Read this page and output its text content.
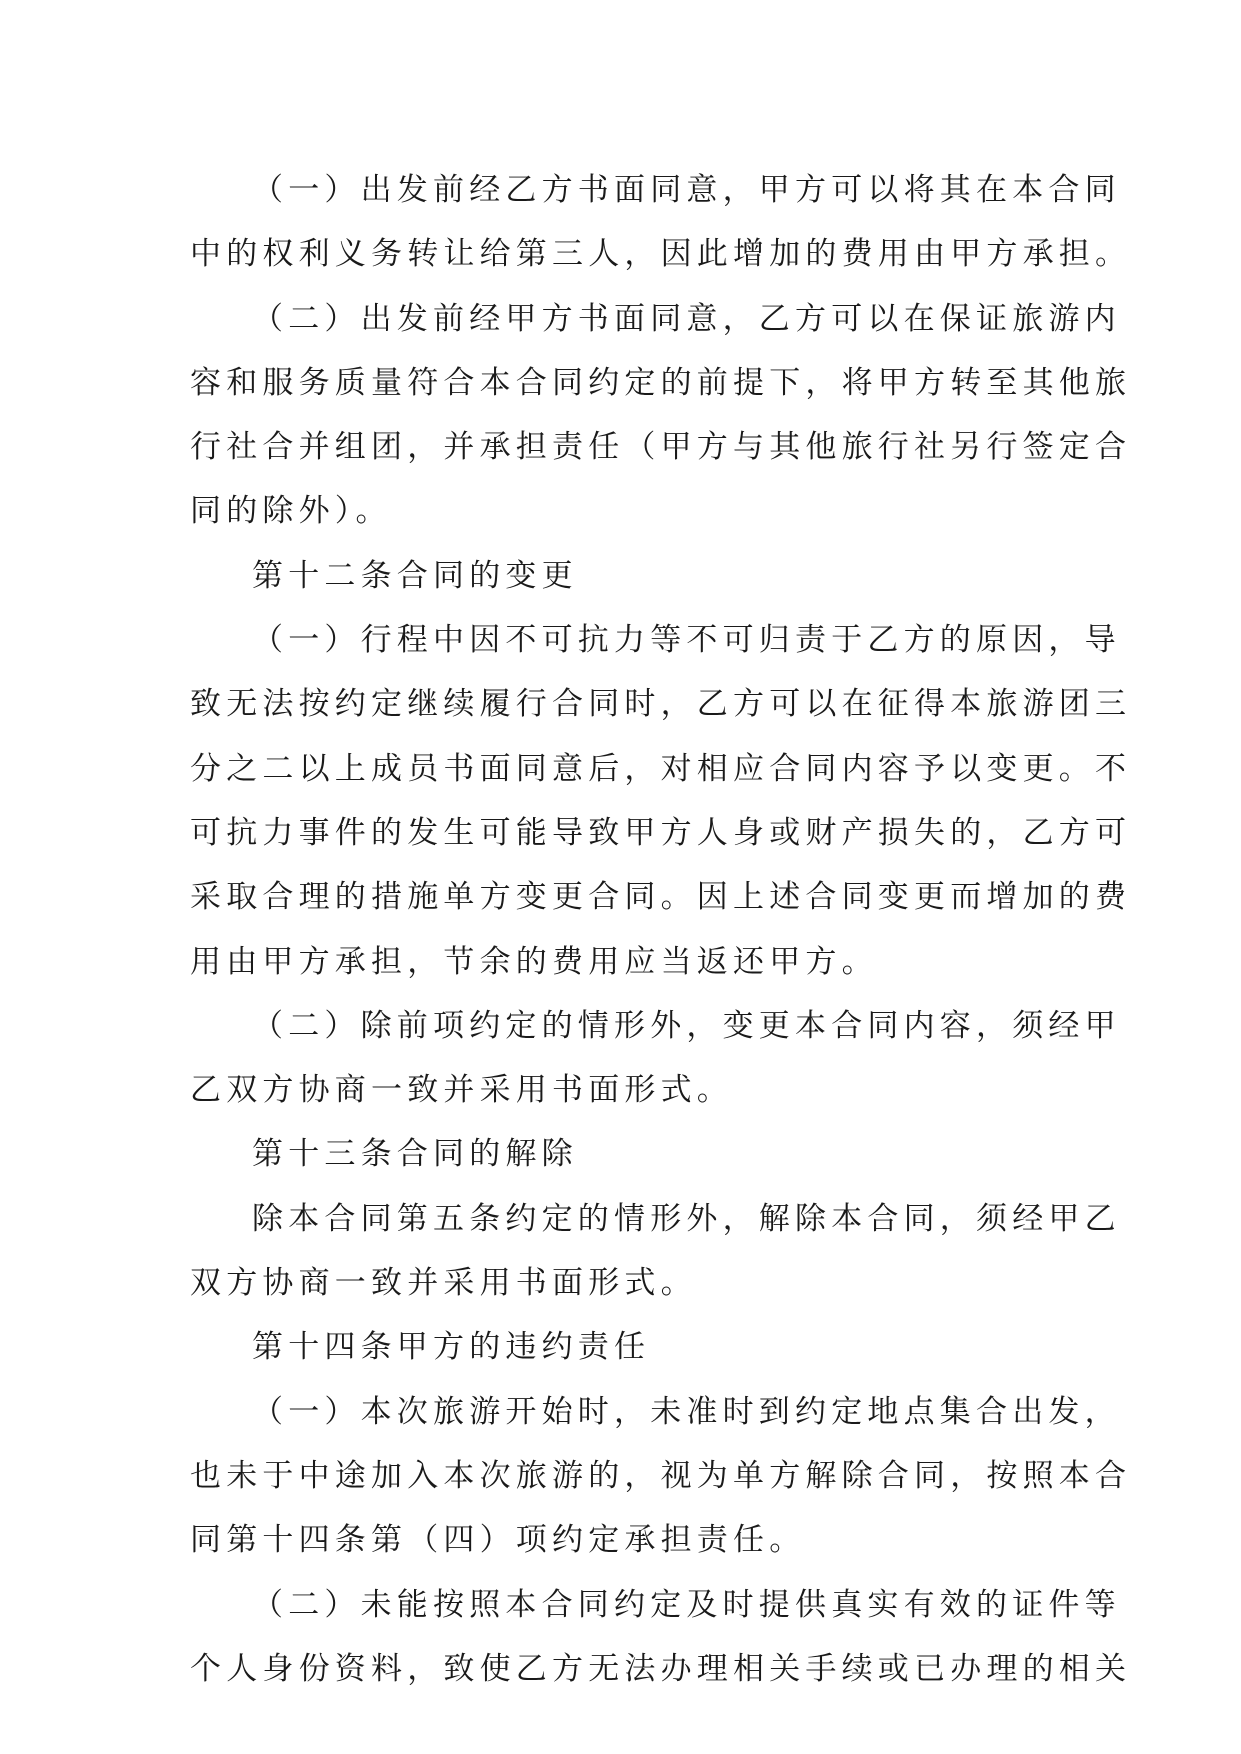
（一）出发前经乙方书面同意，甲方可以将其在本合同
中的权利义务转让给第三人，因此增加的费用由甲方承担。
（二）出发前经甲方书面同意，乙方可以在保证旅游内
容和服务质量符合本合同约定的前提下，将甲方转至其他旅
行社合并组团，并承担责任（甲方与其他旅行社另行签定合
同的除外）。
第十二条合同的变更
（一）行程中因不可抗力等不可归责于乙方的原因，导
致无法按约定继续履行合同时，乙方可以在征得本旅游团三
分之二以上成员书面同意后，对相应合同内容予以变更。不
可抗力事件的发生可能导致甲方人身或财产损失的，乙方可
采取合理的措施单方变更合同。因上述合同变更而增加的费
用由甲方承担，节余的费用应当返还甲方。
（二）除前项约定的情形外，变更本合同内容，须经甲
乙双方协商一致并采用书面形式。
第十三条合同的解除
除本合同第五条约定的情形外，解除本合同，须经甲乙
双方协商一致并采用书面形式。
第十四条甲方的违约责任
（一）本次旅游开始时，未准时到约定地点集合出发，
也未于中途加入本次旅游的，视为单方解除合同，按照本合
同第十四条第（四）项约定承担责任。
（二）未能按照本合同约定及时提供真实有效的证件等
个人身份资料，致使乙方无法办理相关手续或已办理的相关
